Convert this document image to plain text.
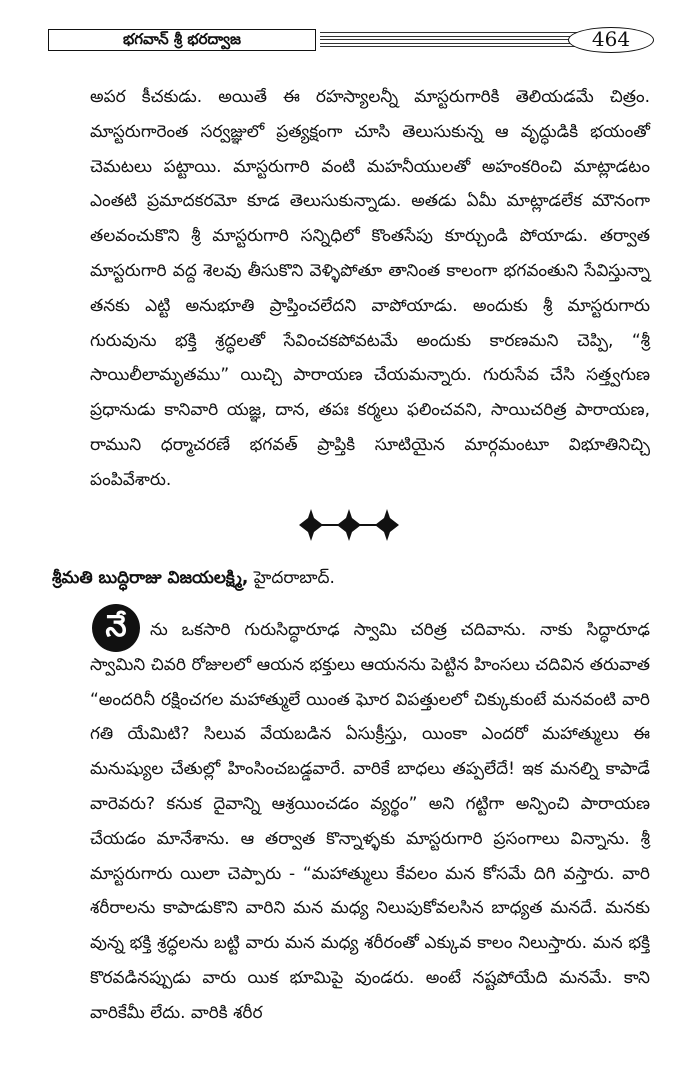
భగవాన్ శ్రీ భరద్వాజ	464
అపర కీచకుడు. అయితే ఈ రహస్యాలన్నీ మాస్టరుగారికి తెలియడమే చిత్రం. మాస్టరుగారెంత సర్వజ్ఞులో ప్రత్యక్షంగా చూసి తెలుసుకున్న ఆ వృద్ధుడికి భయంతో చెమటలు పట్టాయి. మాస్టరుగారి వంటి మహనీయులతో అహంకరించి మాట్లాడటం ఎంతటి ప్రమాదకరమో కూడ తెలుసుకున్నాడు. అతడు ఏమీ మాట్లాడలేక మౌనంగా తలవంచుకొని శ్రీ మాస్టరుగారి సన్నిధిలో కొంతసేపు కూర్చుండి పోయాడు. తర్వాత మాస్టరుగారి వద్ద శెలవు తీసుకొని వెళ్ళిపోతూ తానింత కాలంగా భగవంతుని సేవిస్తున్నా తనకు ఎట్టి అనుభూతి ప్రాప్తించలేదని వాపోయాడు. అందుకు శ్రీ మాస్టరుగారు గురువును భక్తి శ్రద్ధలతో సేవించకపోవటమే అందుకు కారణమని చెప్పి, “శ్రీ సాయిలీలామృతము” యిచ్చి పారాయణ చేయమన్నారు. గురుసేవ చేసి సత్త్వగుణ ప్రధానుడు కానివారి యజ్ఞ, దాన, తపః కర్మలు ఫలించవని, సాయిచరిత్ర పారాయణ, రాముని ధర్మాచరణే భగవత్ ప్రాప్తికి సూటియైన మార్గమంటూ విభూతినిచ్చి పంపివేశారు.
శ్రీమతి బుద్ధిరాజు విజయలక్ష్మి, హైదరాబాద్.
నే	ను ఒకసారి గురుసిద్ధారూఢ స్వామి చరిత్ర చదివాను. నాకు సిద్ధారూఢ స్వామిని చివరి రోజులలో ఆయన భక్తులు ఆయనను పెట్టిన హింసలు చదివిన తరువాత “అందరినీ రక్షించగల మహాత్ములే యింత ఘోర విపత్తులలో చిక్కుకుంటే మనవంటి వారి గతి యేమిటి? సిలువ వేయబడిన ఏసుక్రీస్తు, యింకా ఎందరో మహాత్ములు ఈ మనుష్యుల చేతుల్లో హింసించబడ్డవారే. వారికే బాధలు తప్పలేదే! ఇక మనల్ని కాపాడే వారెవరు? కనుక దైవాన్ని ఆశ్రయించడం వ్యర్థం” అని గట్టిగా అన్పించి పారాయణ చేయడం మానేశాను. ఆ తర్వాత కొన్నాళ్ళకు మాస్టరుగారి ప్రసంగాలు విన్నాను. శ్రీ మాస్టరుగారు యిలా చెప్పారు - “మహాత్ములు కేవలం మన కోసమే దిగి వస్తారు. వారి శరీరాలను కాపాడుకొని వారిని మన మధ్య నిలుపుకోవలసిన బాధ్యత మనదే. మనకు వున్న భక్తి శ్రద్ధలను బట్టి వారు మన మధ్య శరీరంతో ఎక్కువ కాలం నిలుస్తారు. మన భక్తి కొరవడినప్పుడు వారు యిక భూమిపై వుండరు. అంటే నష్టపోయేది మనమే. కాని వారికేమీ లేదు. వారికి శరీర
